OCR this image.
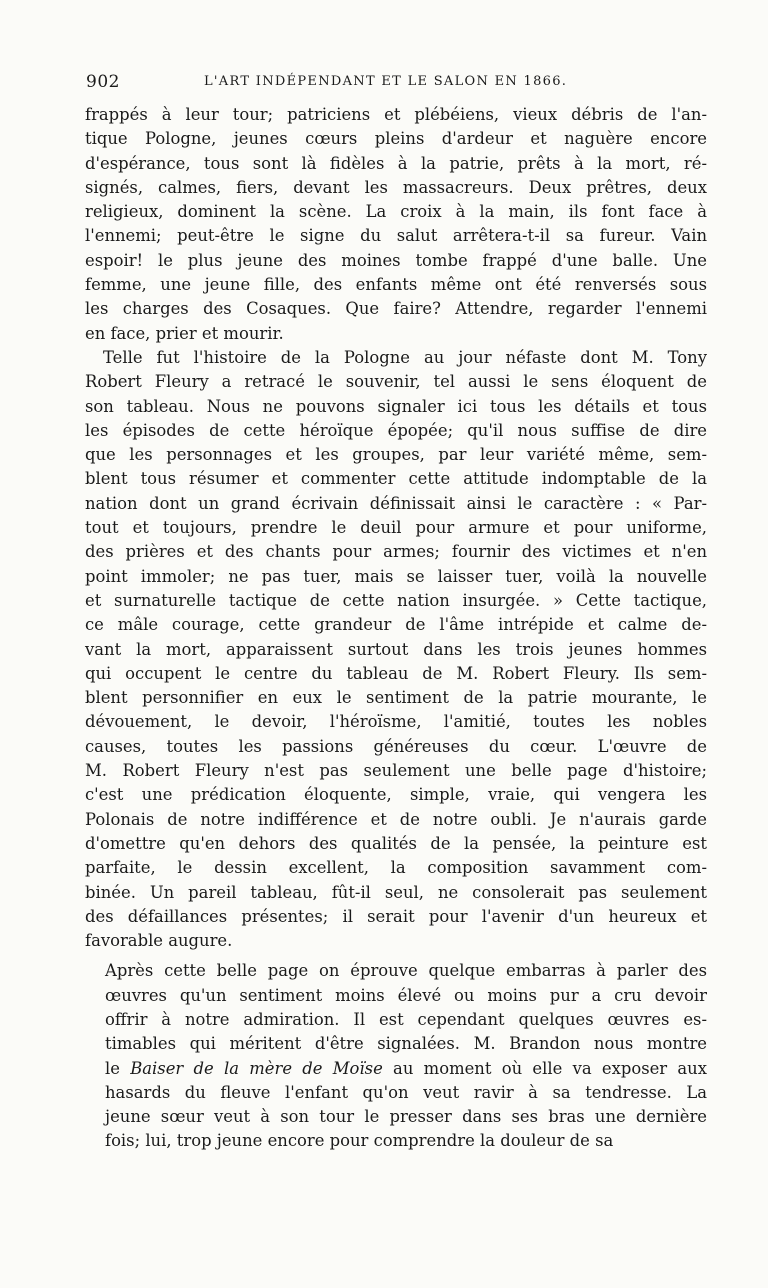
902	L'ART INDÉPENDANT ET LE SALON EN 1866.
frappés à leur tour; patriciens et plébéiens, vieux débris de l'an-
tique Pologne, jeunes cœurs pleins d'ardeur et naguère encore
d'espérance, tous sont là fidèles à la patrie, prêts à la mort, ré-
signés, calmes, fiers, devant les massacreurs. Deux prêtres, deux
religieux, dominent la scène. La croix à la main, ils font face à
l'ennemi; peut-être le signe du salut arrêtera-t-il sa fureur. Vain
espoir! le plus jeune des moines tombe frappé d'une balle. Une
femme, une jeune fille, des enfants même ont été renversés sous
les charges des Cosaques. Que faire? Attendre, regarder l'ennemi
en face, prier et mourir.
Telle fut l'histoire de la Pologne au jour néfaste dont M. Tony
Robert Fleury a retracé le souvenir, tel aussi le sens éloquent de
son tableau. Nous ne pouvons signaler ici tous les détails et tous
les épisodes de cette héroïque épopée; qu'il nous suffise de dire
que les personnages et les groupes, par leur variété même, sem-
blent tous résumer et commenter cette attitude indomptable de la
nation dont un grand écrivain définissait ainsi le caractère : « Par-
tout et toujours, prendre le deuil pour armure et pour uniforme,
des prières et des chants pour armes; fournir des victimes et n'en
point immoler; ne pas tuer, mais se laisser tuer, voilà la nouvelle
et surnaturelle tactique de cette nation insurgée. » Cette tactique,
ce mâle courage, cette grandeur de l'âme intrépide et calme de-
vant la mort, apparaissent surtout dans les trois jeunes hommes
qui occupent le centre du tableau de M. Robert Fleury. Ils sem-
blent personnifier en eux le sentiment de la patrie mourante, le
dévouement, le devoir, l'héroïsme, l'amitié, toutes les nobles
causes, toutes les passions généreuses du cœur. L'œuvre de
M. Robert Fleury n'est pas seulement une belle page d'histoire;
c'est une prédication éloquente, simple, vraie, qui vengera les
Polonais de notre indifférence et de notre oubli. Je n'aurais garde
d'omettre qu'en dehors des qualités de la pensée, la peinture est
parfaite, le dessin excellent, la composition savamment com-
binée. Un pareil tableau, fût-il seul, ne consolerait pas seulement
des défaillances présentes; il serait pour l'avenir d'un heureux et
favorable augure.
Après cette belle page on éprouve quelque embarras à parler des
œuvres qu'un sentiment moins élevé ou moins pur a cru devoir
offrir à notre admiration. Il est cependant quelques œuvres es-
timables qui méritent d'être signalées. M. Brandon nous montre
le Baiser de la mère de Moïse au moment où elle va exposer aux
hasards du fleuve l'enfant qu'on veut ravir à sa tendresse. La
jeune sœur veut à son tour le presser dans ses bras une dernière
fois; lui, trop jeune encore pour comprendre la douleur de sa
